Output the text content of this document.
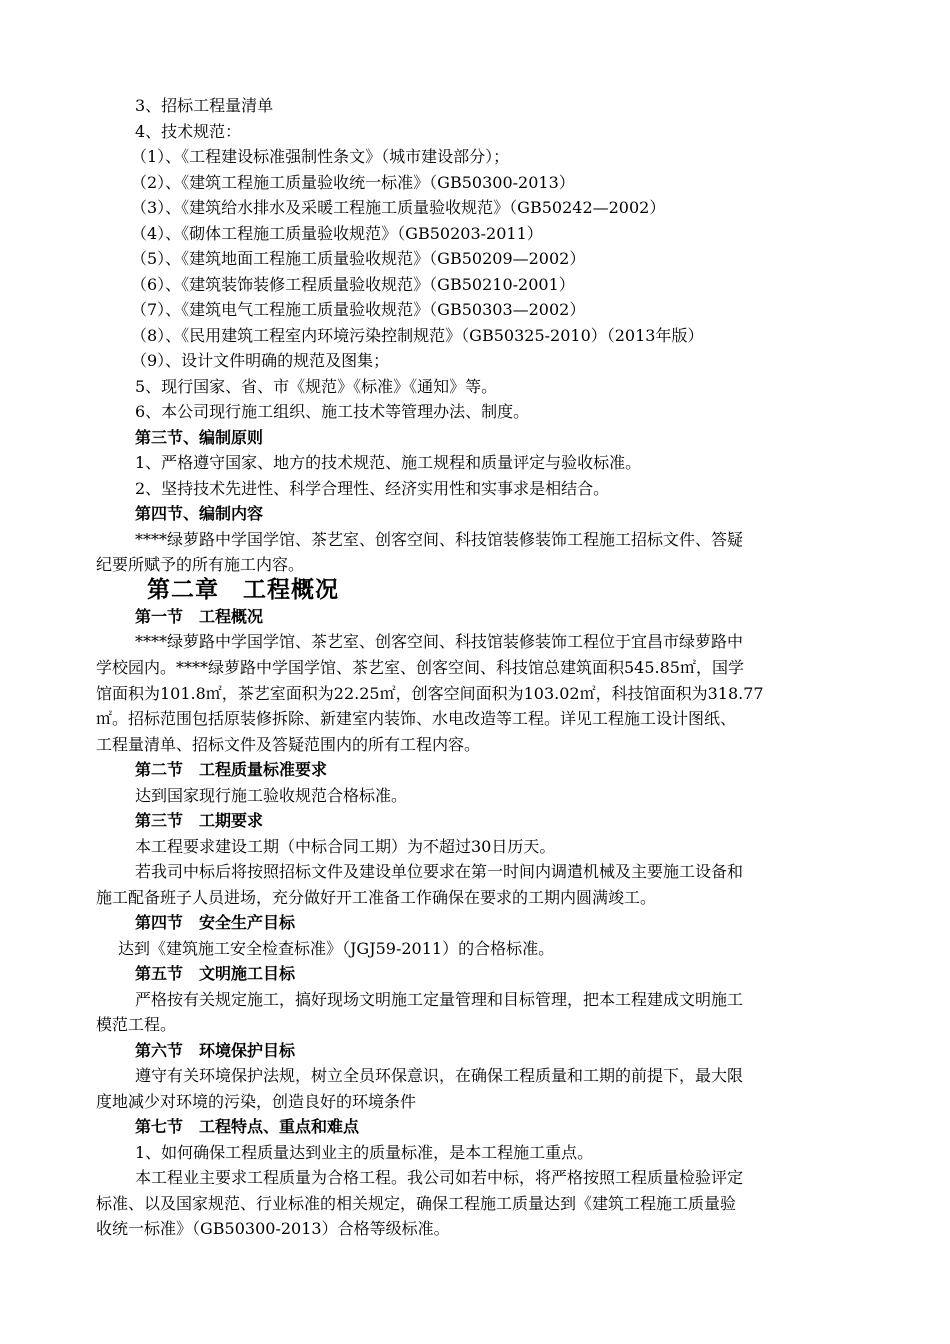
3、招标工程量清单
4、技术规范：
（1）、《工程建设标准强制性条文》（城市建设部分）；
（2）、《建筑工程施工质量验收统一标准》（GB50300-2013）
（3）、《建筑给水排水及采暖工程施工质量验收规范》（GB50242—2002）
（4）、《砌体工程施工质量验收规范》（GB50203-2011）
（5）、《建筑地面工程施工质量验收规范》（GB50209—2002）
（6）、《建筑装饰装修工程质量验收规范》（GB50210-2001）
（7）、《建筑电气工程施工质量验收规范》（GB50303—2002）
（8）、《民用建筑工程室内环境污染控制规范》（GB50325-2010）（2013年版）
（9）、设计文件明确的规范及图集；
5、现行国家、省、市《规范》《标准》《通知》等。
6、本公司现行施工组织、施工技术等管理办法、制度。
第三节、编制原则
1、严格遵守国家、地方的技术规范、施工规程和质量评定与验收标准。
2、坚持技术先进性、科学合理性、经济实用性和实事求是相结合。
第四节、编制内容
****绿萝路中学国学馆、茶艺室、创客空间、科技馆装修装饰工程施工招标文件、答疑
纪要所赋予的所有施工内容。
第二章　工程概况
第一节　工程概况
****绿萝路中学国学馆、茶艺室、创客空间、科技馆装修装饰工程位于宜昌市绿萝路中
学校园内。****绿萝路中学国学馆、茶艺室、创客空间、科技馆总建筑面积545.85㎡，国学
馆面积为101.8㎡，茶艺室面积为22.25㎡，创客空间面积为103.02㎡，科技馆面积为318.77
㎡。招标范围包括原装修拆除、新建室内装饰、水电改造等工程。详见工程施工设计图纸、
工程量清单、招标文件及答疑范围内的所有工程内容。
第二节　工程质量标准要求
达到国家现行施工验收规范合格标准。
第三节　工期要求
本工程要求建设工期（中标合同工期）为不超过30日历天。
若我司中标后将按照招标文件及建设单位要求在第一时间内调遣机械及主要施工设备和
施工配备班子人员进场，充分做好开工准备工作确保在要求的工期内圆满竣工。
第四节　安全生产目标
达到《建筑施工安全检查标准》（JGJ59-2011）的合格标准。
第五节　文明施工目标
严格按有关规定施工，搞好现场文明施工定量管理和目标管理，把本工程建成文明施工
模范工程。
第六节　环境保护目标
遵守有关环境保护法规，树立全员环保意识，在确保工程质量和工期的前提下，最大限
度地减少对环境的污染，创造良好的环境条件
第七节　工程特点、重点和难点
1、如何确保工程质量达到业主的质量标准，是本工程施工重点。
本工程业主要求工程质量为合格工程。我公司如若中标，将严格按照工程质量检验评定
标准、以及国家规范、行业标准的相关规定，确保工程施工质量达到《建筑工程施工质量验
收统一标准》（GB50300-2013）合格等级标准。
